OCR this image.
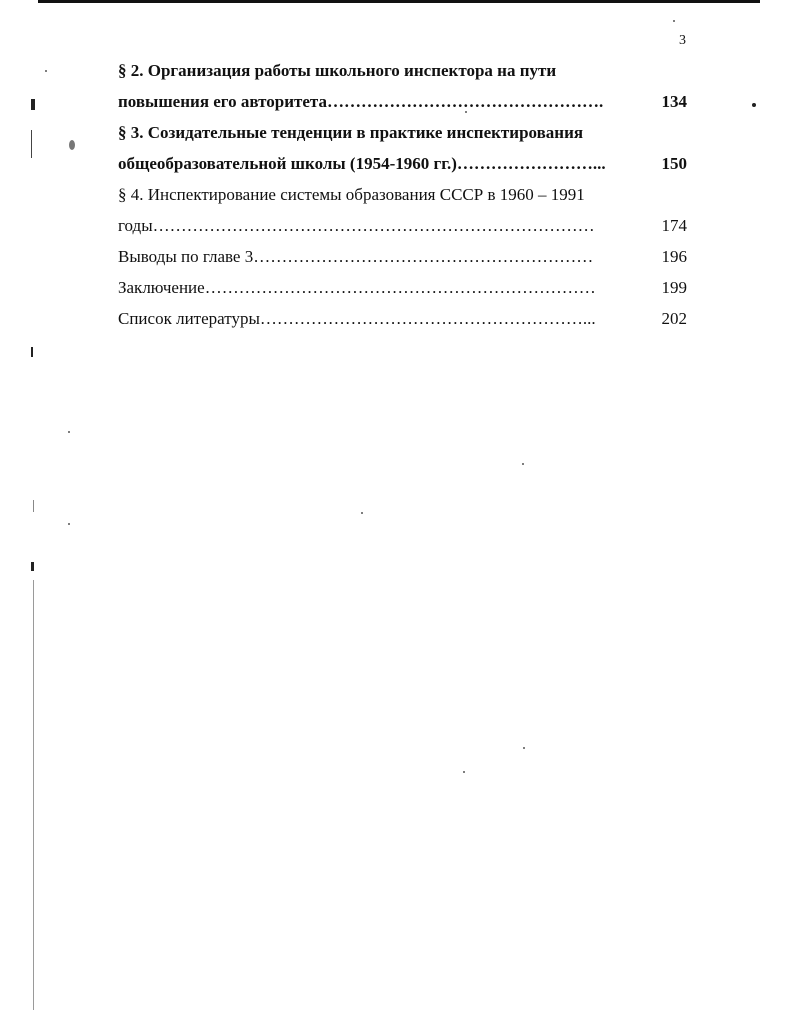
3
§ 2. Организация работы школьного инспектора на пути
повышения его авторитета………………………………………….	134
§ 3. Созидательные тенденции в практике инспектирования
общеобразовательной школы (1954-1960 гг.)……………………...	150
§ 4. Инспектирование системы образования СССР в 1960 – 1991
годы……………………………………………………………………	174
Выводы по главе 3……………………………………………………	196
Заключение……………………………………………………………	199
Список литературы…………………………………………………...	202
